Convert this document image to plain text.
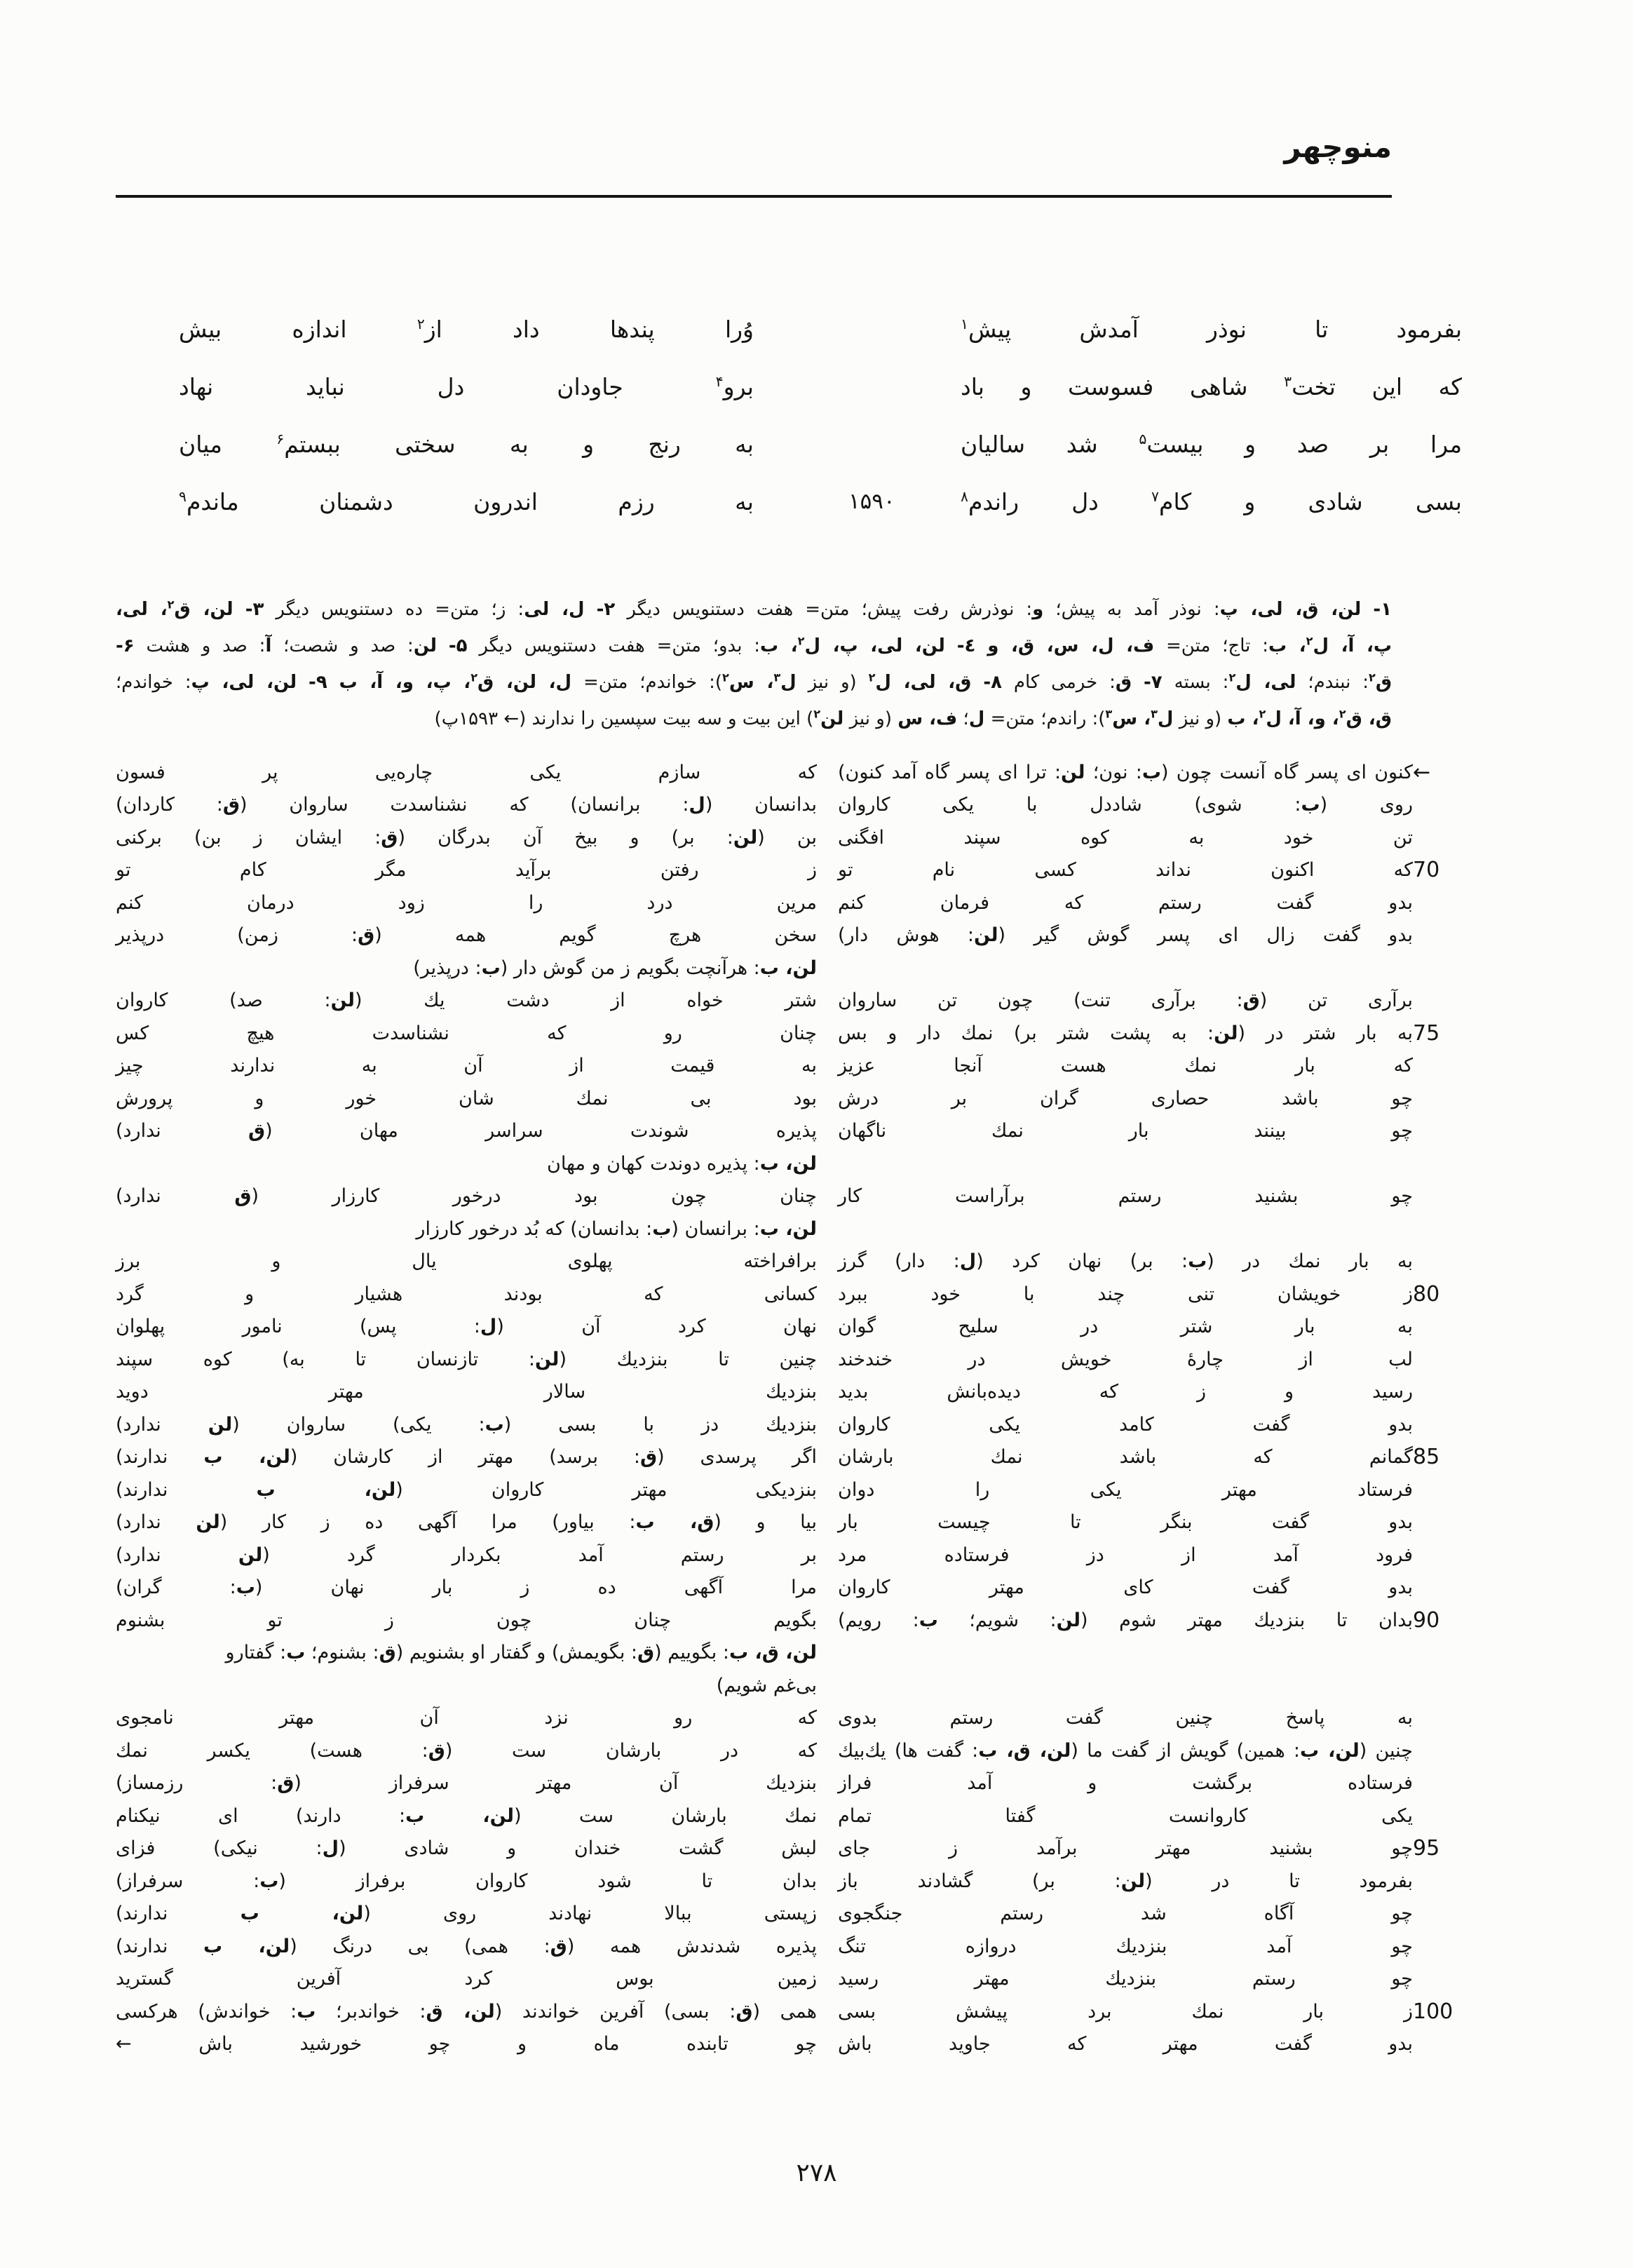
منوچهر
بفرمود تا نوذر آمدش پیش$^۱$
وُرا پندها داد از$^۲$ اندازه بیش
که این تخت$^۳$ شاهی فسوست و باد
برو$^۴$ جاودان دل نباید نهاد
مرا بر صد و بیست$^۵$ شد سالیان
به رنج و به سختی ببستم$^۶$ میان
بسی شادی و کام$^۷$ دل راندم$^۸$
۱۵۹۰
به رزم اندرون دشمنان ماندم$^۹$
۱- لن، ق، لی، پ: نوذر آمد به پیش؛ و: نوذرش رفت پیش؛ متن= هفت دستنویس دیگر ۲- ل، لی: ز؛ متن= ده دستنویس دیگر ۳- لن، ق$^۲$، لی،
پ، آ، ل$^۲$، ب: تاج؛ متن= ف، ل، س، ق، و ٤- لن، لی، پ، ل$^۲$، ب: بدو؛ متن= هفت دستنویس دیگر ۵- لن: صد و شصت؛ آ: صد و هشت ۶-
ق$^۲$: نبندم؛ لی، ل$^۲$: بسته ۷- ق: خرمی کام ۸- ق، لی، ل$^۲$ (و نیز ل$^۳$، س$^۲$): خواندم؛ متن= ل، لن، ق$^۲$، پ، و، آ، ب ۹- لن، لی، پ: خواندم؛
ق، ق$^۲$، و، آ، ل$^۲$، ب (و نیز ل$^۳$، س$^۳$): راندم؛ متن= ل؛ ف، س (و نیز لن$^۲$) این بیت و سه بیت سپسین را ندارند (← ۱۵۹۳پ)
←
کنون ای پسر گاه آنست چون (ب: نون؛ لن: ترا ای پسر گاه آمد کنون)
که سازم یکی چاره‌یی پر فسون
روی (ب: شوی) شاددل با یکی کاروان
بدانسان (ل: برانسان) که نشناسدت ساروان (ق: کاردان)
تن خود به کوه سپند افگنی
بن (لن: بر) و بیخ آن بدرگان (ق: ایشان ز بن) برکنی
70
که اکنون نداند کسی نام تو
ز رفتن برآید مگر کام تو
بدو گفت رستم که فرمان کنم
مرین درد را زود درمان کنم
بدو گفت زال ای پسر گوش گیر (لن: هوش دار)
سخن هرچ گویم همه (ق: زمن) درپذیر
لن، ب: هرآنچت بگویم ز من گوش دار (ب: درپذیر)
برآری تن (ق: برآری تنت) چون تن ساروان
شتر خواه از دشت یك (لن: صد) کاروان
75
به بار شتر در (لن: به پشت شتر بر) نمك دار و بس
چنان رو که نشناسدت هیچ کس
که بار نمك هست آنجا عزیز
به قیمت از آن به ندارند چیز
چو باشد حصاری گران بر درش
بود بی نمك شان خور و پرورش
چو بینند بار نمك ناگهان
پذیره شوندت سراسر مهان (ق ندارد)
لن، ب: پذیره دوندت کهان و مهان
چو بشنید رستم برآراست کار
چنان چون بود درخور کارزار (ق ندارد)
لن، ب: برانسان (ب: بدانسان) که بُد درخور کارزار
به بار نمك در (ب: بر) نهان کرد (ل: دار) گرز
برافراخته پهلوی یال و برز
80
ز خویشان تنی چند با خود ببرد
کسانی که بودند هشیار و گرد
به بار شتر در سلیح گوان
نهان کرد آن (ل: پس) نامور پهلوان
لب از چارهٔ خویش در خندخند
چنین تا بنزدیك (لن: تازنسان تا به) کوه سپند
رسید و ز که دیده‌بانش بدید
بنزدیك سالار مهتر دوید
بدو گفت کامد یکی کاروان
بنزدیك دز با بسی (ب: یکی) ساروان (لن ندارد)
85
گمانم که باشد نمك بارشان
اگر پرسدی (ق: برسد) مهتر از کارشان (لن، ب ندارند)
فرستاد مهتر یکی را دوان
بنزدیکی مهتر کاروان (لن، ب ندارند)
بدو گفت بنگر تا چیست بار
بیا و (ق، ب: بیاور) مرا آگهی ده ز کار (لن ندارد)
فرود آمد از دز فرستاده مرد
بر رستم آمد بکردار گرد (لن ندارد)
بدو گفت کای مهتر کاروان
مرا آگهی ده ز بار نهان (ب: گران)
90
بدان تا بنزدیك مهتر شوم (لن: شویم؛ ب: رویم)
بگویم چنان چون ز تو بشنوم
لن، ق، ب: بگوییم (ق: بگویمش) و گفتار او بشنویم (ق: بشنوم؛ ب: گفتارو
بی‌غم شویم)
به پاسخ چنین گفت رستم بدوی
که رو نزد آن مهتر نامجوی
چنین (لن، ب: همین) گویش از گفت ما (لن، ق، ب: گفت ها) یك‌بیك
که در بارشان ست (ق: هست) یکسر نمك
فرستاده برگشت و آمد فراز
بنزدیك آن مهتر سرفراز (ق: رزمساز)
یکی کاروانست گفتا تمام
نمك بارشان ست (لن، ب: دارند) ای نیکنام
95
چو بشنید مهتر برآمد ز جای
لبش گشت خندان و شادی (ل: نیکی) فزای
بفرمود تا در (لن: بر) گشادند باز
بدان تا شود کاروان برفراز (ب: سرفراز)
چو آگاه شد رستم جنگجوی
زپستی ببالا نهادند روی (لن، ب ندارند)
چو آمد بنزدیك دروازه تنگ
پذیره شدندش همه (ق: همی) بی درنگ (لن، ب ندارند)
چو رستم بنزدیك مهتر رسید
زمین بوس کرد آفرین گسترید
100
ز بار نمك برد پیشش بسی
همی (ق: بسی) آفرین خواندند (لن، ق: خواندبر؛ ب: خواندش) هرکسی
بدو گفت مهتر که جاوید باش
چو تابنده ماه و چو خورشید باش ←
۲۷۸
